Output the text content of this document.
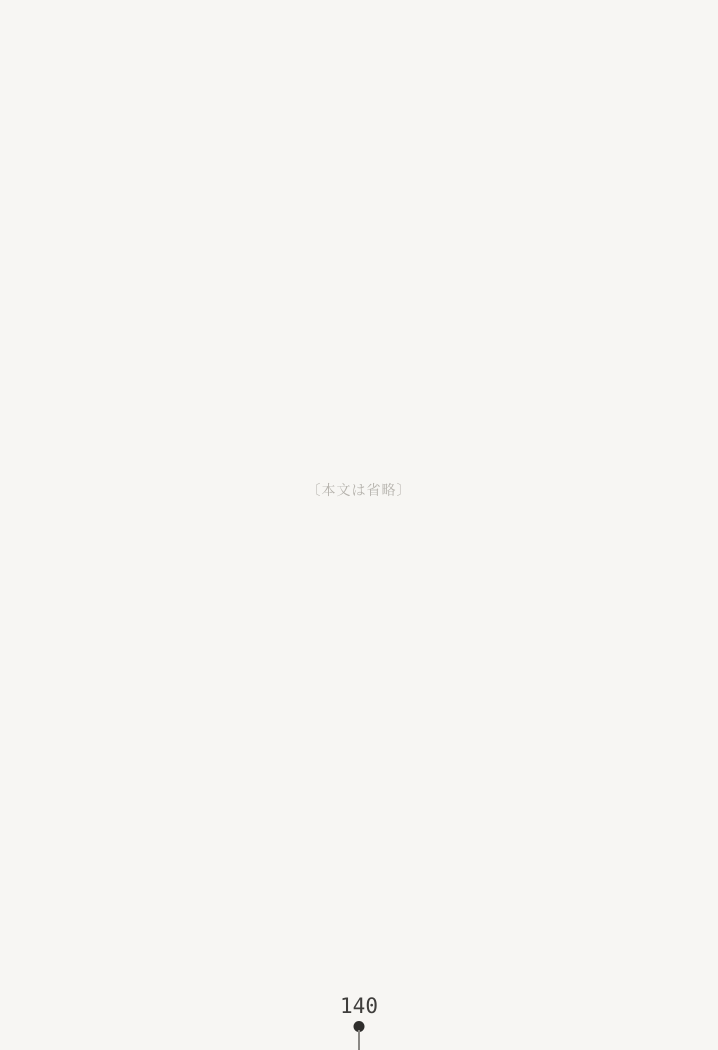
〔本文は省略〕
140
